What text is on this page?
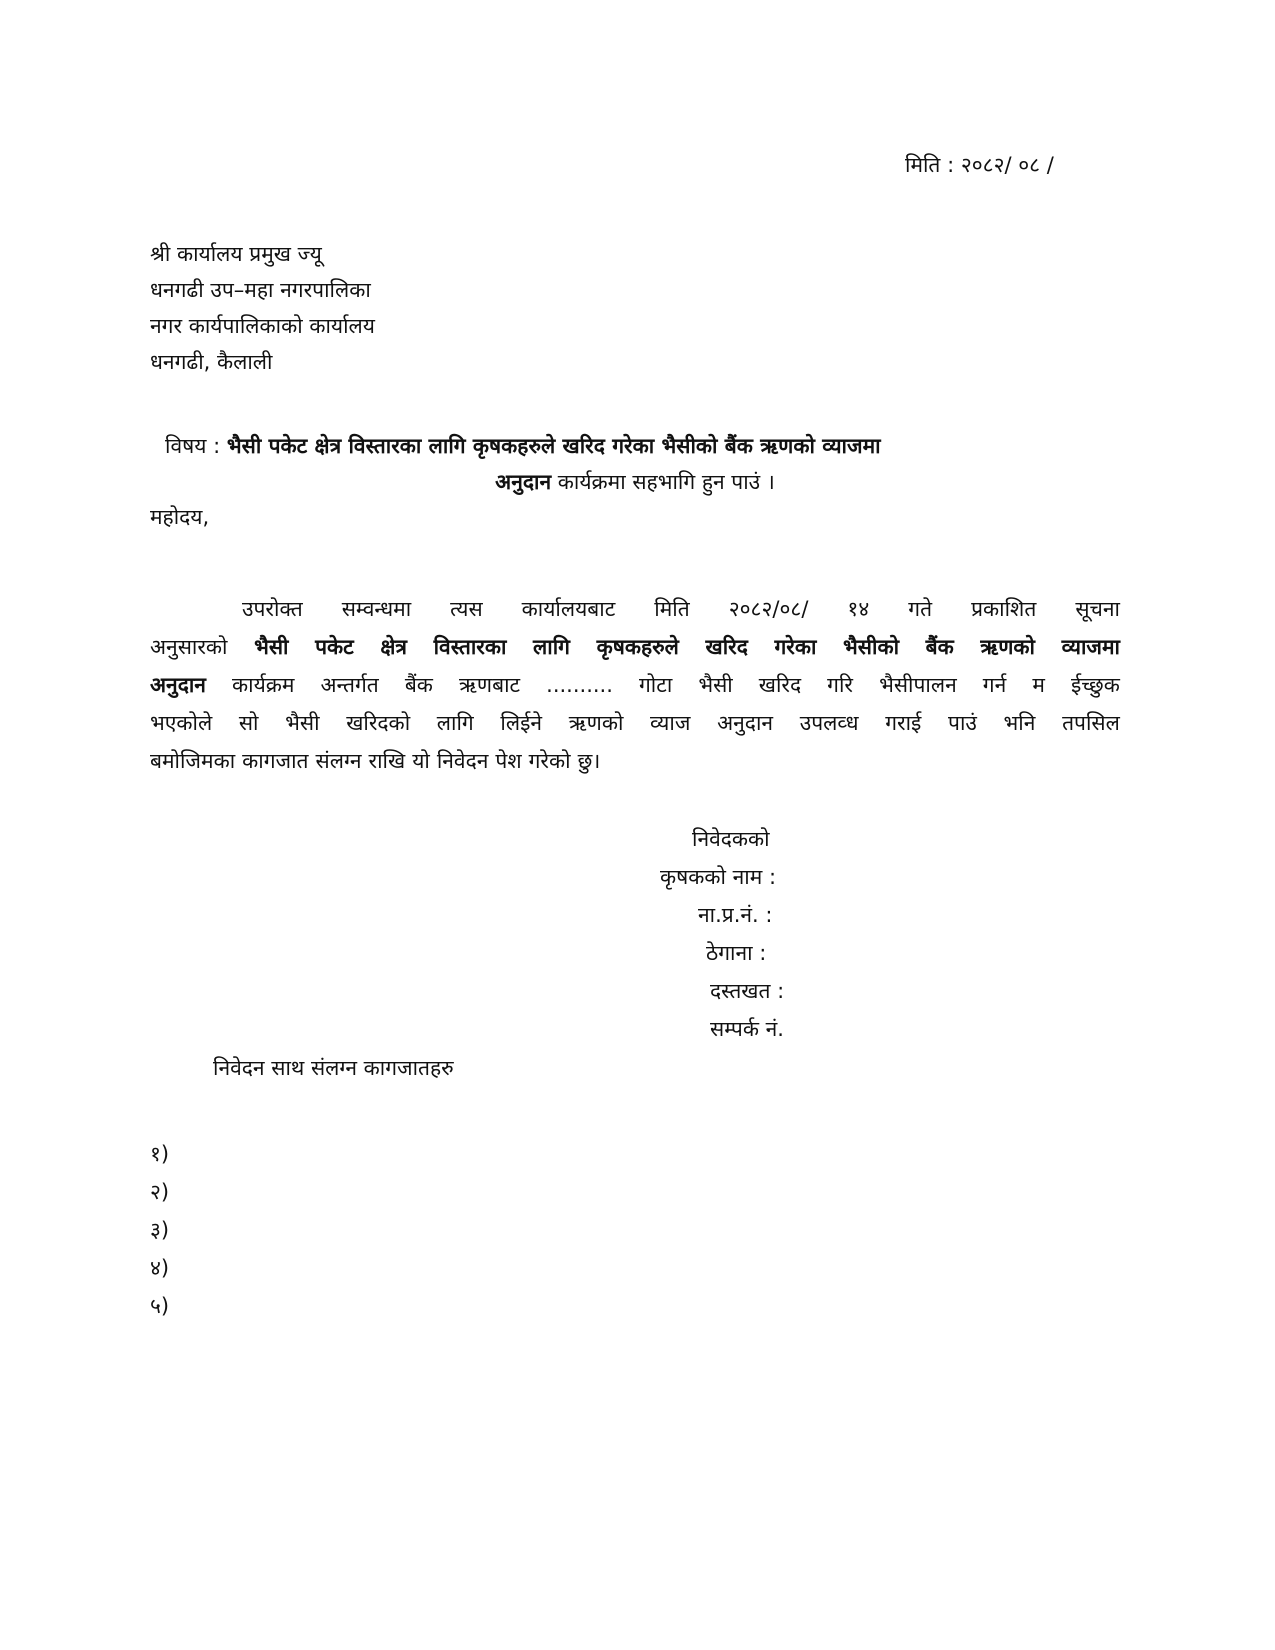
मिति : २०८२/ ०८ /
श्री कार्यालय प्रमुख ज्यू
धनगढी उप–महा नगरपालिका
नगर कार्यपालिकाको कार्यालय
धनगढी, कैलाली
विषय : भैसी पकेट क्षेत्र विस्तारका लागि कृषकहरुले खरिद गरेका भैसीको बैंक ऋणको व्याजमा
अनुदान कार्यक्रमा सहभागि हुन पाउं ।
महोदय,
उपरोक्त सम्वन्धमा त्यस कार्यालयबाट मिति २०८२/०८/ १४ गते प्रकाशित सूचना
अनुसारको भैसी पकेट क्षेत्र विस्तारका लागि कृषकहरुले खरिद गरेका भैसीको बैंक ऋणको व्याजमा
अनुदान कार्यक्रम अन्तर्गत बैंक ऋणबाट .......... गोटा भैसी खरिद गरि भैसीपालन गर्न म ईच्छुक
भएकोले सो भैसी खरिदको लागि लिईने ऋणको व्याज अनुदान उपलव्ध गराई पाउं भनि तपसिल
बमोजिमका कागजात संलग्न राखि यो निवेदन पेश गरेको छु।
निवेदकको
कृषकको नाम :
ना.प्र.नं. :
ठेगाना :
दस्तखत :
सम्पर्क नं.
निवेदन साथ संलग्न कागजातहरु
१)
२)
३)
४)
५)
